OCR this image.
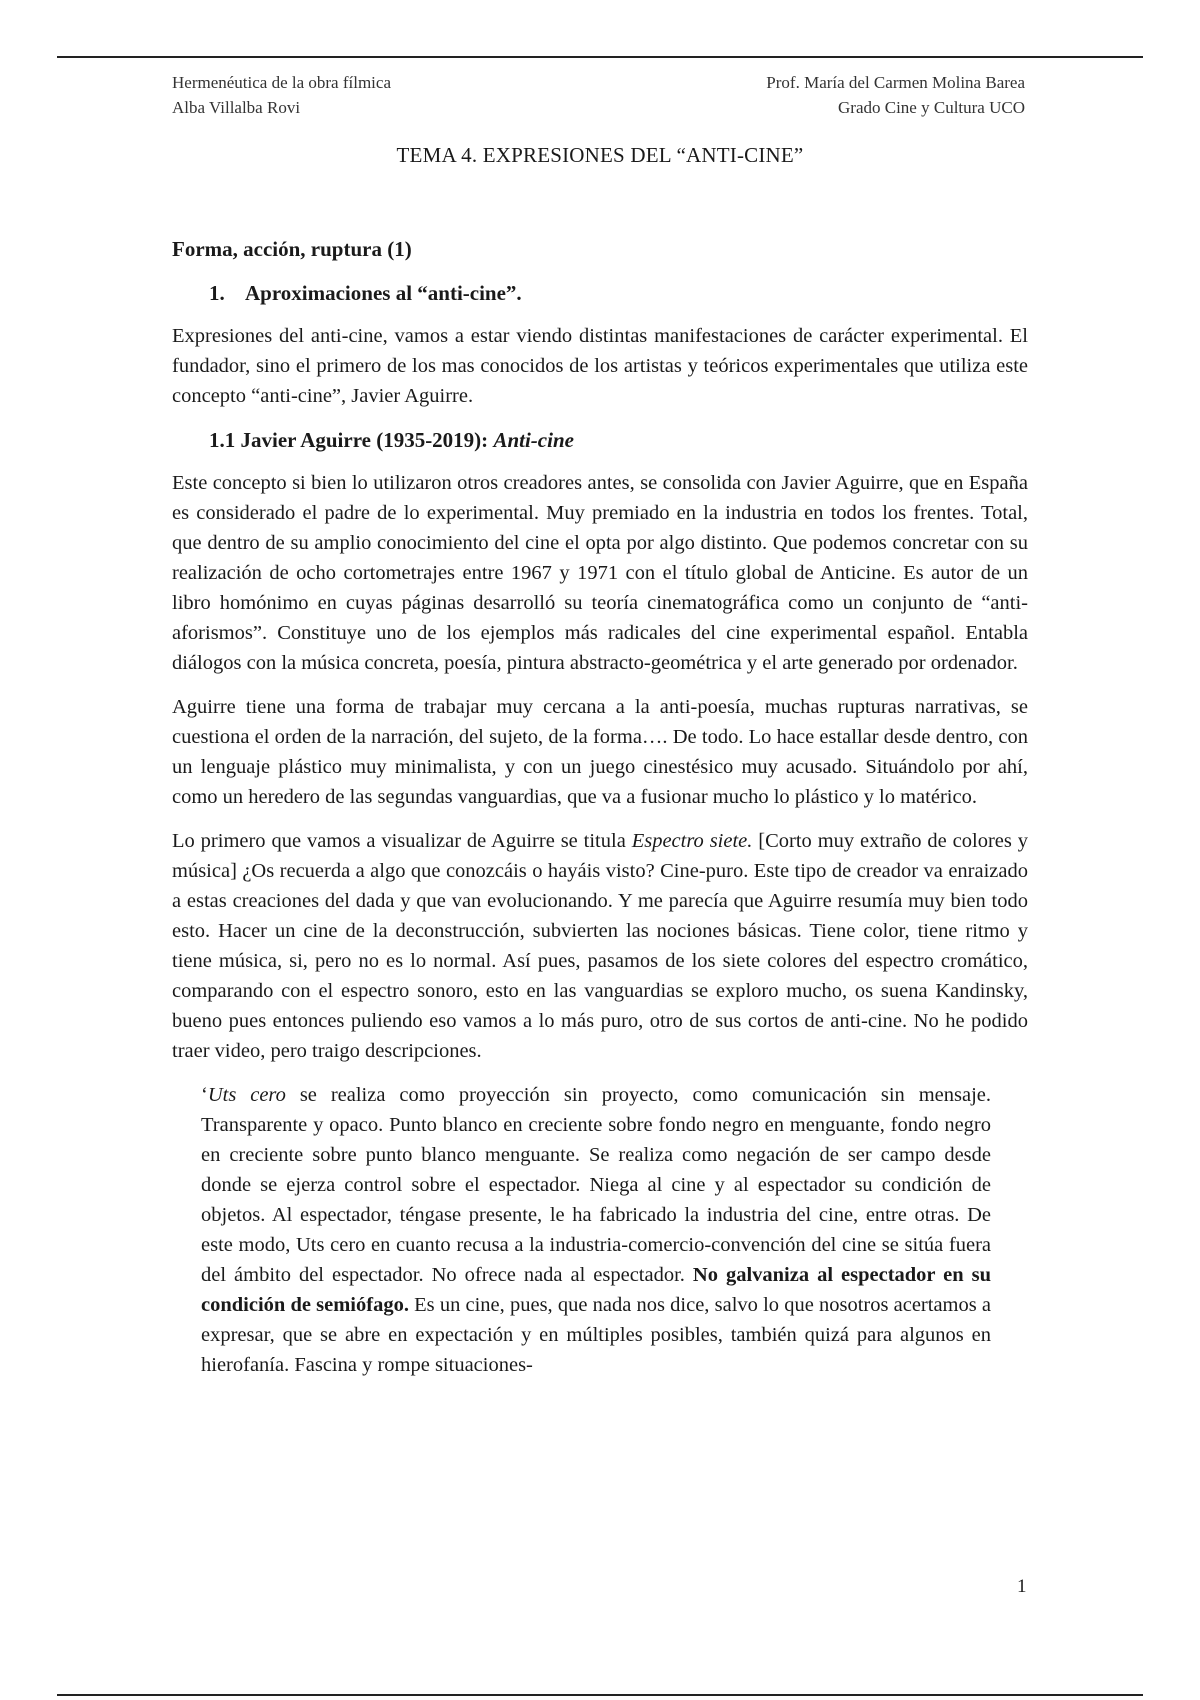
Hermenéutica de la obra fílmica
Alba Villalba Rovi
Prof. María del Carmen Molina Barea
Grado Cine y Cultura UCO
TEMA 4. EXPRESIONES DEL “ANTI-CINE”
Forma, acción, ruptura (1)
1. Aproximaciones al “anti-cine”.

Expresiones del anti-cine, vamos a estar viendo distintas manifestaciones de carácter experimental. El fundador, sino el primero de los mas conocidos de los artistas y teóricos experimentales que utiliza este concepto “anti-cine”, Javier Aguirre.

1.1 Javier Aguirre (1935-2019): Anti-cine

Este concepto si bien lo utilizaron otros creadores antes, se consolida con Javier Aguirre, que en España es considerado el padre de lo experimental. Muy premiado en la industria en todos los frentes. Total, que dentro de su amplio conocimiento del cine el opta por algo distinto. Que podemos concretar con su realización de ocho cortometrajes entre 1967 y 1971 con el título global de Anticine. Es autor de un libro homónimo en cuyas páginas desarrolló su teoría cinematográfica como un conjunto de “anti-aforismos”. Constituye uno de los ejemplos más radicales del cine experimental español. Entabla diálogos con la música concreta, poesía, pintura abstracto-geométrica y el arte generado por ordenador.

Aguirre tiene una forma de trabajar muy cercana a la anti-poesía, muchas rupturas narrativas, se cuestiona el orden de la narración, del sujeto, de la forma…. De todo. Lo hace estallar desde dentro, con un lenguaje plástico muy minimalista, y con un juego cinestésico muy acusado. Situándolo por ahí, como un heredero de las segundas vanguardias, que va a fusionar mucho lo plástico y lo matérico.

Lo primero que vamos a visualizar de Aguirre se titula Espectro siete. [Corto muy extraño de colores y música] ¿Os recuerda a algo que conozcáis o hayáis visto? Cine-puro. Este tipo de creador va enraizado a estas creaciones del dada y que van evolucionando. Y me parecía que Aguirre resumía muy bien todo esto. Hacer un cine de la deconstrucción, subvierten las nociones básicas. Tiene color, tiene ritmo y tiene música, si, pero no es lo normal. Así pues, pasamos de los siete colores del espectro cromático, comparando con el espectro sonoro, esto en las vanguardias se exploro mucho, os suena Kandinsky, bueno pues entonces puliendo eso vamos a lo más puro, otro de sus cortos de anti-cine. No he podido traer video, pero traigo descripciones.

‘Uts cero se realiza como proyección sin proyecto, como comunicación sin mensaje. Transparente y opaco. Punto blanco en creciente sobre fondo negro en menguante, fondo negro en creciente sobre punto blanco menguante. Se realiza como negación de ser campo desde donde se ejerza control sobre el espectador. Niega al cine y al espectador su condición de objetos. Al espectador, téngase presente, le ha fabricado la industria del cine, entre otras. De este modo, Uts cero en cuanto recusa a la industria-comercio-convención del cine se sitúa fuera del ámbito del espectador. No ofrece nada al espectador. No galvaniza al espectador en su condición de semiófago. Es un cine, pues, que nada nos dice, salvo lo que nosotros acertamos a expresar, que se abre en expectación y en múltiples posibles, también quizá para algunos en hierofanía. Fascina y rompe situaciones-
1
